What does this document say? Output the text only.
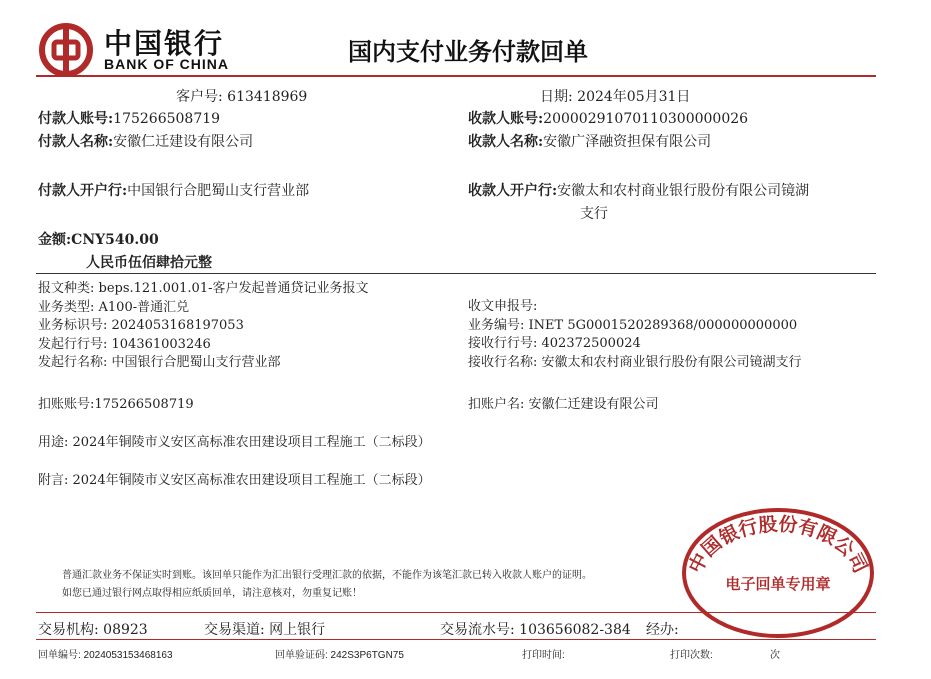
中国银行
BANK OF CHINA	国内支付业务付款回单
客户号: 613418969	日期: 2024年05月31日
付款人账号:175266508719
付款人名称:安徽仁迁建设有限公司
付款人开户行:中国银行合肥蜀山支行营业部
收款人账号:20000291070110300000026
收款人名称:安徽广泽融资担保有限公司
收款人开户行:安徽太和农村商业银行股份有限公司镜湖
支行
金额:CNY540.00
人民币伍佰肆拾元整
报文种类: beps.121.001.01-客户发起普通贷记业务报文
业务类型: A100-普通汇兑
业务标识号: 2024053168197053
发起行行号: 104361003246
发起行名称: 中国银行合肥蜀山支行营业部
收文申报号:
业务编号: INET 5G0001520289368/000000000000
接收行行号: 402372500024
接收行名称: 安徽太和农村商业银行股份有限公司镜湖支行
扣账账号:175266508719	扣账户名: 安徽仁迁建设有限公司
用途: 2024年铜陵市义安区高标准农田建设项目工程施工（二标段）
附言: 2024年铜陵市义安区高标准农田建设项目工程施工（二标段）
普通汇款业务不保证实时到账。该回单只能作为汇出银行受理汇款的依据，不能作为该笔汇款已转入收款人账户的证明。
如您已通过银行网点取得相应纸质回单，请注意核对，勿重复记账！
中国银行股份有限公司
电子回单专用章
交易机构: 08923	交易渠道: 网上银行	交易流水号: 103656082-384 经办:
回单编号: 2024053153468163	回单验证码: 242S3P6TGN75	打印时间:	打印次数:	次
